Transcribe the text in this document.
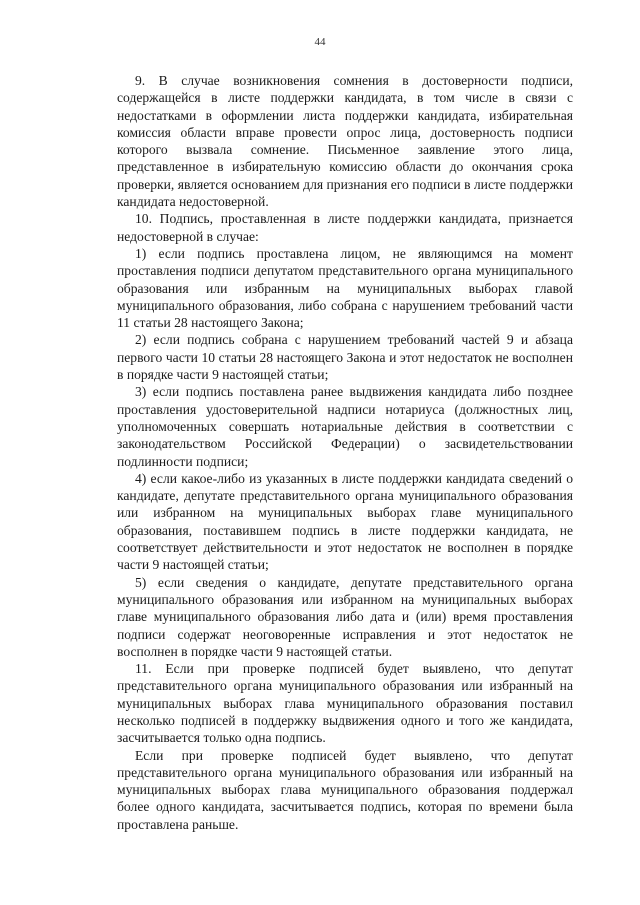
44

9. В случае возникновения сомнения в достоверности подписи, содержащейся в листе поддержки кандидата, в том числе в связи с недостатками в оформлении листа поддержки кандидата, избирательная комиссия области вправе провести опрос лица, достоверность подписи которого вызвала сомнение. Письменное заявление этого лица, представленное в избирательную комиссию области до окончания срока проверки, является основанием для признания его подписи в листе поддержки кандидата недостоверной.

10. Подпись, проставленная в листе поддержки кандидата, признается недостоверной в случае:

1) если подпись проставлена лицом, не являющимся на момент проставления подписи депутатом представительного органа муниципального образования или избранным на муниципальных выборах главой муниципального образования, либо собрана с нарушением требований части 11 статьи 28 настоящего Закона;

2) если подпись собрана с нарушением требований частей 9 и абзаца первого части 10 статьи 28 настоящего Закона и этот недостаток не восполнен в порядке части 9 настоящей статьи;

3) если подпись поставлена ранее выдвижения кандидата либо позднее проставления удостоверительной надписи нотариуса (должностных лиц, уполномоченных совершать нотариальные действия в соответствии с законодательством Российской Федерации) о засвидетельствовании подлинности подписи;

4) если какое-либо из указанных в листе поддержки кандидата сведений о кандидате, депутате представительного органа муниципального образования или избранном на муниципальных выборах главе муниципального образования, поставившем подпись в листе поддержки кандидата, не соответствует действительности и этот недостаток не восполнен в порядке части 9 настоящей статьи;

5) если сведения о кандидате, депутате представительного органа муниципального образования или избранном на муниципальных выборах главе муниципального образования либо дата и (или) время проставления подписи содержат неоговоренные исправления и этот недостаток не восполнен в порядке части 9 настоящей статьи.

11. Если при проверке подписей будет выявлено, что депутат представительного органа муниципального образования или избранный на муниципальных выборах глава муниципального образования поставил несколько подписей в поддержку выдвижения одного и того же кандидата, засчитывается только одна подпись.

Если при проверке подписей будет выявлено, что депутат представительного органа муниципального образования или избранный на муниципальных выборах глава муниципального образования поддержал более одного кандидата, засчитывается подпись, которая по времени была проставлена раньше.
